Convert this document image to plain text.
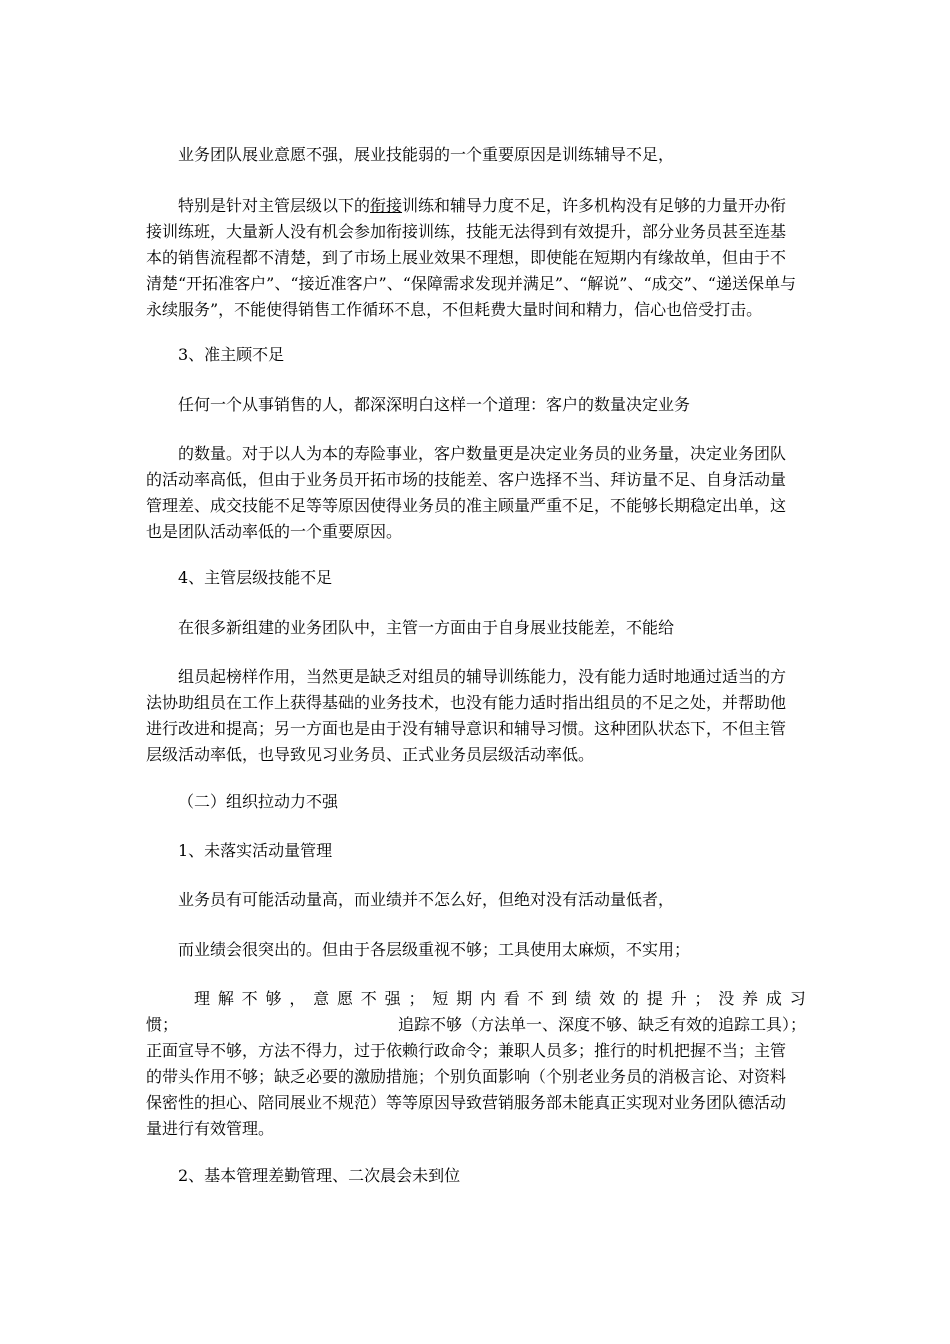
业务团队展业意愿不强，展业技能弱的一个重要原因是训练辅导不足，

特别是针对主管层级以下的衔接训练和辅导力度不足，许多机构没有足够的力量开办衔
接训练班，大量新人没有机会参加衔接训练，技能无法得到有效提升，部分业务员甚至连基
本的销售流程都不清楚，到了市场上展业效果不理想，即使能在短期内有缘故单，但由于不
清楚“开拓准客户”、“接近准客户”、“保障需求发现并满足”、“解说”、“成交”、“递送保单与
永续服务”，不能使得销售工作循环不息，不但耗费大量时间和精力，信心也倍受打击。

3、准主顾不足

任何一个从事销售的人，都深深明白这样一个道理：客户的数量决定业务

的数量。对于以人为本的寿险事业，客户数量更是决定业务员的业务量，决定业务团队
的活动率高低，但由于业务员开拓市场的技能差、客户选择不当、拜访量不足、自身活动量
管理差、成交技能不足等等原因使得业务员的准主顾量严重不足，不能够长期稳定出单，这
也是团队活动率低的一个重要原因。

4、主管层级技能不足

在很多新组建的业务团队中，主管一方面由于自身展业技能差，不能给

组员起榜样作用，当然更是缺乏对组员的辅导训练能力，没有能力适时地通过适当的方
法协助组员在工作上获得基础的业务技术，也没有能力适时指出组员的不足之处，并帮助他
进行改进和提高；另一方面也是由于没有辅导意识和辅导习惯。这种团队状态下，不但主管
层级活动率低，也导致见习业务员、正式业务员层级活动率低。

（二）组织拉动力不强

1、未落实活动量管理

业务员有可能活动量高，而业绩并不怎么好，但绝对没有活动量低者，

而业绩会很突出的。但由于各层级重视不够；工具使用太麻烦，不实用；

理 解 不 够 ， 意 愿 不 强 ； 短 期 内 看 不 到 绩 效 的 提 升 ； 没 养 成 习
惯；	追踪不够（方法单一、深度不够、缺乏有效的追踪工具）；
正面宣导不够，方法不得力，过于依赖行政命令；兼职人员多；推行的时机把握不当；主管
的带头作用不够；缺乏必要的激励措施；个别负面影响（个别老业务员的消极言论、对资料
保密性的担心、陪同展业不规范）等等原因导致营销服务部未能真正实现对业务团队德活动
量进行有效管理。

2、基本管理差勤管理、二次晨会未到位
